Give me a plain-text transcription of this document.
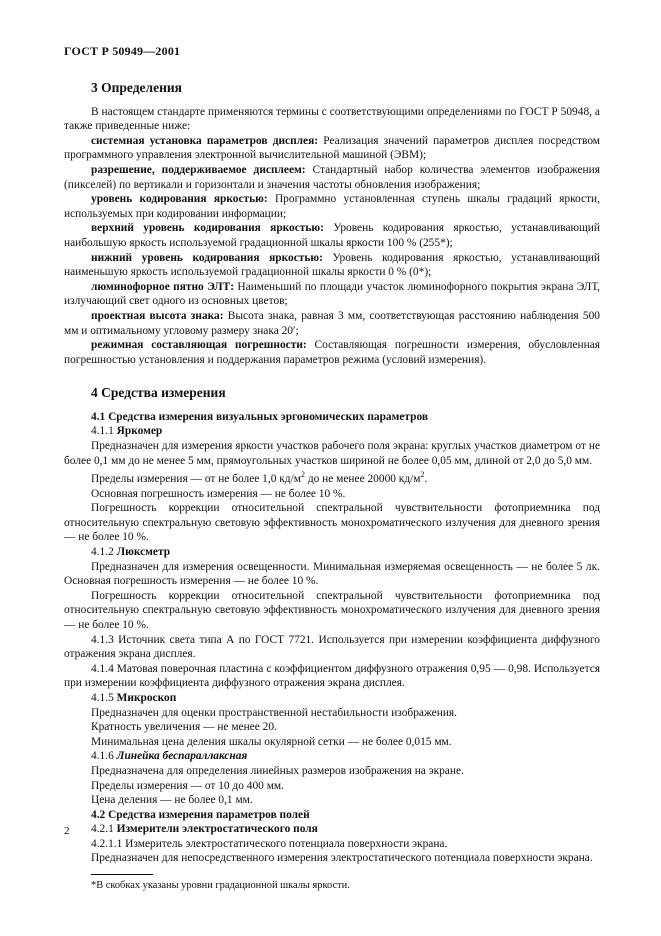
ГОСТ Р 50949—2001
3 Определения

В настоящем стандарте применяются термины с соответствующими определениями по ГОСТ Р 50948, а также приведенные ниже:

системная установка параметров дисплея: Реализация значений параметров дисплея посредством программного управления электронной вычислительной машиной (ЭВМ);

разрешение, поддерживаемое дисплеем: Стандартный набор количества элементов изображения (пикселей) по вертикали и горизонтали и значения частоты обновления изображения;

уровень кодирования яркостью: Программно установленная ступень шкалы градаций яркости, используемых при кодировании информации;

верхний уровень кодирования яркостью: Уровень кодирования яркостью, устанавливающий наибольшую яркость используемой градационной шкалы яркости 100 % (255*);

нижний уровень кодирования яркостью: Уровень кодирования яркостью, устанавливающий наименьшую яркость используемой градационной шкалы яркости 0 % (0*);

люминофорное пятно ЭЛТ: Наименьший по площади участок люминофорного покрытия экрана ЭЛТ, излучающий свет одного из основных цветов;

проектная высота знака: Высота знака, равная 3 мм, соответствующая расстоянию наблюдения 500 мм и оптимальному угловому размеру знака 20′;

режимная составляющая погрешности: Составляющая погрешности измерения, обусловленная погрешностью установления и поддержания параметров режима (условий измерения).

4 Средства измерения

4.1 Средства измерения визуальных эргономических параметров

4.1.1 Яркомер

Предназначен для измерения яркости участков рабочего поля экрана: круглых участков диаметром от не более 0,1 мм до не менее 5 мм, прямоугольных участков шириной не более 0,05 мм, длиной от 2,0 до 5,0 мм.

Пределы измерения — от не более 1,0 $кд/м^2$ до не менее 20000 $кд/м^2$.

Основная погрешность измерения — не более 10 %.

Погрешность коррекции относительной спектральной чувствительности фотоприемника под относительную спектральную световую эффективность монохроматического излучения для дневного зрения — не более 10 %.

4.1.2 Люксметр

Предназначен для измерения освещенности. Минимальная измеряемая освещенность — не более 5 лк. Основная погрешность измерения — не более 10 %.

Погрешность коррекции относительной спектральной чувствительности фотоприемника под относительную спектральную световую эффективность монохроматического излучения для дневного зрения — не более 10 %.

4.1.3 Источник света типа А по ГОСТ 7721. Используется при измерении коэффициента диффузного отражения экрана дисплея.

4.1.4 Матовая поверочная пластина с коэффициентом диффузного отражения 0,95 — 0,98. Используется при измерении коэффициента диффузного отражения экрана дисплея.

4.1.5 Микроскоп

Предназначен для оценки пространственной нестабильности изображения.

Кратность увеличения — не менее 20.

Минимальная цена деления шкалы окулярной сетки — не более 0,015 мм.

4.1.6 Линейка беспараллаксная

Предназначена для определения линейных размеров изображения на экране.

Пределы измерения — от 10 до 400 мм.

Цена деления — не более 0,1 мм.

4.2 Средства измерения параметров полей

4.2.1 Измерители электростатического поля

4.2.1.1 Измеритель электростатического потенциала поверхности экрана.

Предназначен для непосредственного измерения электростатического потенциала поверхности экрана.

*В скобках указаны уровни градационной шкалы яркости.
2
